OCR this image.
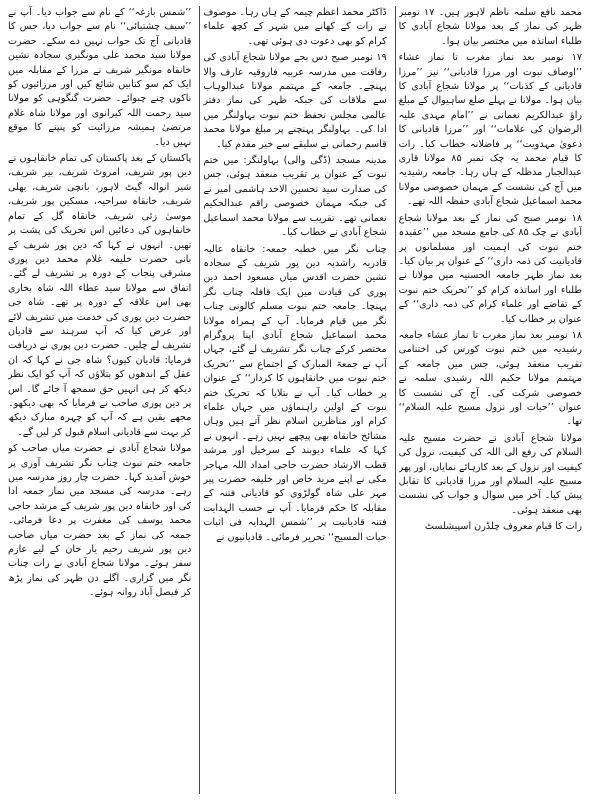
محمد نافع سلمہ ناظم لاہور ہیں۔ ۱۷ نومبر ظہر کی نماز کے بعد مولانا شجاع آبادی کا طلباء اساتذہ میں مختصر بیان ہوا۔

۱۷ نومبر بعد نماز مغرب تا نماز عشاء ’’اوصاف نبوت اور مرزا قادیانی‘‘ نیز ’’مرزا قادیانی کے کذبات‘‘ پر مولانا شجاع آبادی کا بیان ہوا۔ مولانا نے پہلے ضلع ساہیوال کے مبلغ راؤ عبدالکریم نعمانی نے ’’امام مہدی علیہ الرضوان کی علامات‘‘ اور ’’مرزا قادیانی کا دعویٰ مہدویت‘‘ پر فاضلانہ خطاب کیا۔ رات کا قیام محمد یہ چک نمبر ۸۵ مولانا قاری عبدالجبار مدظلہ کے ہاں رہا۔ جامعہ رشیدیہ میں آج کی نشست کے مہمان خصوصی مولانا محمد اسماعیل شجاع آبادی حفظہ اللہ تھے۔

۱۸ نومبر صبح کی نماز کے بعد مولانا شجاع آبادی نے چک ۸۵ کی جامع مسجد میں ’’عقیدہ ختم نبوت کی اہمیت اور مسلمانوں پر قادیانیت کی ذمہ داری‘‘ کے عنوان پر بیان کیا۔ بعد نماز ظہر جامعہ الحسنیہ میں مولانا نے طلباء اور اساتذہ کرام کو ’’تحریک ختم نبوت کے تقاضے اور علماء کرام کی ذمہ داری‘‘ کے عنوان پر خطاب کیا۔

۱۸ نومبر بعد نماز مغرب تا نماز عشاء جامعہ رشیدیہ میں ختم نبوت کورس کی اختتامی تقریب منعقد ہوئی، جس میں جامعہ کے مہتمم مولانا حکیم اللہ رشیدی سلمہ نے خصوصی شرکت کی۔ آج کی نشست کا عنوان ’’حیات اور نزول مسیح علیہ السلام‘‘ تھا۔

مولانا شجاع آبادی نے حضرت مسیح علیہ السلام کی رفع الی اللہ کی کیفیت، نزول کی کیفیت اور نزول کے بعد کارہائے نمایاں، اور پھر مسیح علیہ السلام اور مرزا قادیانی کا تقابل پیش کیا۔ آخر میں سوال و جواب کی نشست بھی منعقد ہوئی۔

رات کا قیام معروف چلڈرن اسپیشلسٹ

ڈاکٹر محمد اعظم چیمہ کے ہاں رہا۔ موصوف نے رات کے کھانے میں شہر کے کچھ علماء کرام کو بھی دعوت دی ہوئی تھی۔

۱۹ نومبر صبح دس بجے مولانا شجاع آبادی کی رفاقت میں مدرسہ عربیہ فاروقیہ عارف والا پہنچے۔ جامعہ کے مہتمم مولانا عبدالوہاب سے ملاقات کی جبکہ ظہر کی نماز دفتر عالمی مجلس تحفظ ختم نبوت بہاولنگر میں ادا کی۔ بہاولنگر پہنچنے پر مبلغ مولانا محمد قاسم رحمانی نے سلیقے سے خیر مقدم کیا۔

مدینہ مسجد (ڈگی والی) بہاولنگر: میں ختم نبوت کے عنوان پر تقریب منعقد ہوئی، جس کی صدارت سید تحسین الاحد ہاشمی امیر نے کی جبکہ مہمان خصوصی راقم عبدالحکیم نعمانی تھے۔ تقریب سے مولانا محمد اسماعیل شجاع آبادی نے خطاب کیا۔

چناب نگر میں خطبہ جمعہ: خانقاہ عالیہ قادریہ راشدیہ دین پور شریف کے سجادہ نشین حضرت اقدس میاں مسعود احمد دین پوری کی قیادت میں ایک قافلہ چناب نگر پہنچا۔ جامعہ ختم نبوت مسلم کالونی چناب نگر میں قیام فرمایا۔ آپ کے ہمراہ مولانا محمد اسماعیل شجاع آبادی اپنا پروگرام مختصر کرکے چناب نگر تشریف لے گئے، جہاں آپ نے جمعۃ المبارک کے اجتماع سے ’’تحریک ختم نبوت میں خانقاہوں کا کردار‘‘ کے عنوان پر خطاب کیا۔ آپ نے بتلایا کہ تحریک ختم نبوت کے اولین راہنماؤں میں جہاں علماء کرام اور مناظرین اسلام نظر آتے ہیں وہاں مشائخ خانقاہ بھی پیچھے نہیں رہے۔ انہوں نے کہا کہ علماء دیوبند کے سرخیل اور مرشد قطب الارشاد حضرت حاجی امداد اللہ مہاجر مکی نے اپنے مرید خاص اور خلیفہ حضرت پیر مہر علی شاہ گولڑوی کو قادیانی فتنہ کے مقابلہ کا حکم فرمایا۔ آپ نے حسب الہدایت فتنہ قادیانیت پر ’’شمس الہدایہ فی اثبات حیات المسیح‘‘ تحریر فرمائی۔ قادیانیوں نے

’’شمس بازغہ‘‘ کے نام سے جواب دیا۔ آپ نے ’’سیف چشتیائی‘‘ نام سے جواب دیا، جس کا قادیانی آج تک جواب نہیں دے سکے۔ حضرت مولانا سید محمد علی مونگیری سجادہ نشین خانقاہ مونگیر شریف نے مرزا کے مقابلہ میں ایک کم سو کتابیں شائع کیں اور مرزائیوں کو ناکوں چنے چبوائے۔ حضرت گنگوہی کو مولانا سید رحمت اللہ کیرانوی اور مولانا شاہ غلام مرتضیٰ ہمیشہ مرزائیت کو پنپنے کا موقع نہیں دیا۔

پاکستان کے بعد پاکستان کی تمام خانقاہوں نے دین پور شریف، امروٹ شریف، بیر شریف، شیر انوالہ گیٹ لاہور، بانچی شریف، بھلی شریف، خانقاہ سراجیہ، مسکین پور شریف، موسیٰ زئی شریف، خانقاہ گل کے تمام خانقاہوں کی دعائیں اس تحریک کی پشت پر تھیں۔ انہوں نے کہا کہ دین پور شریف کے بانی حضرت خلیفہ غلام محمد دین پوری مشرقی پنجاب کے دورہ پر تشریف لے گئے۔ اتفاق سے مولانا سید عطاء اللہ شاہ بخاری بھی اس علاقہ کے دورہ پر تھے۔ شاہ جی حضرت دین پوری کی خدمت میں تشریف لائے اور عرض کیا کہ آپ سرہند سے قادیان تشریف لے چلیں۔ حضرت دین پوری نے دریافت فرمایا: قادیان کیوں؟ شاہ جی نے کہا کہ ان عقل کے اندھوں کو بتلاؤں کہ آپ کو ایک نظر دیکھ کر ہی انہیں حق سمجھ آ جائے گا۔ اس پر دین پوری صاحب نے فرمایا کہ بھی دیکھو۔ مجھے یقین ہے کہ آپ کو چہرہ مبارک دیکھ کر بہت سے قادیانی اسلام قبول کر لیں گے۔

مولانا شجاع آبادی نے حضرت میاں صاحب کو جامعہ ختم نبوت چناب نگر تشریف آوری پر خوش آمدید کہا۔ حضرت چار روز مدرسہ میں رہے۔ مدرسہ کی مسجد میں نماز جمعہ ادا کی اور خانقاہ دین پور شریف کے مرشد حاجی محمد یوسف کی مغفرت پر دعا فرمائی۔ جمعہ کی نماز کے بعد حضرت میاں صاحب دین پور شریف رحیم یار خان کے لیے عازم سفر ہوئے۔ مولانا شجاع آبادی نے رات چناب نگر میں گزاری۔ اگلے دن ظہر کی نماز پڑھ کر فیصل آباد روانہ ہوئے۔
